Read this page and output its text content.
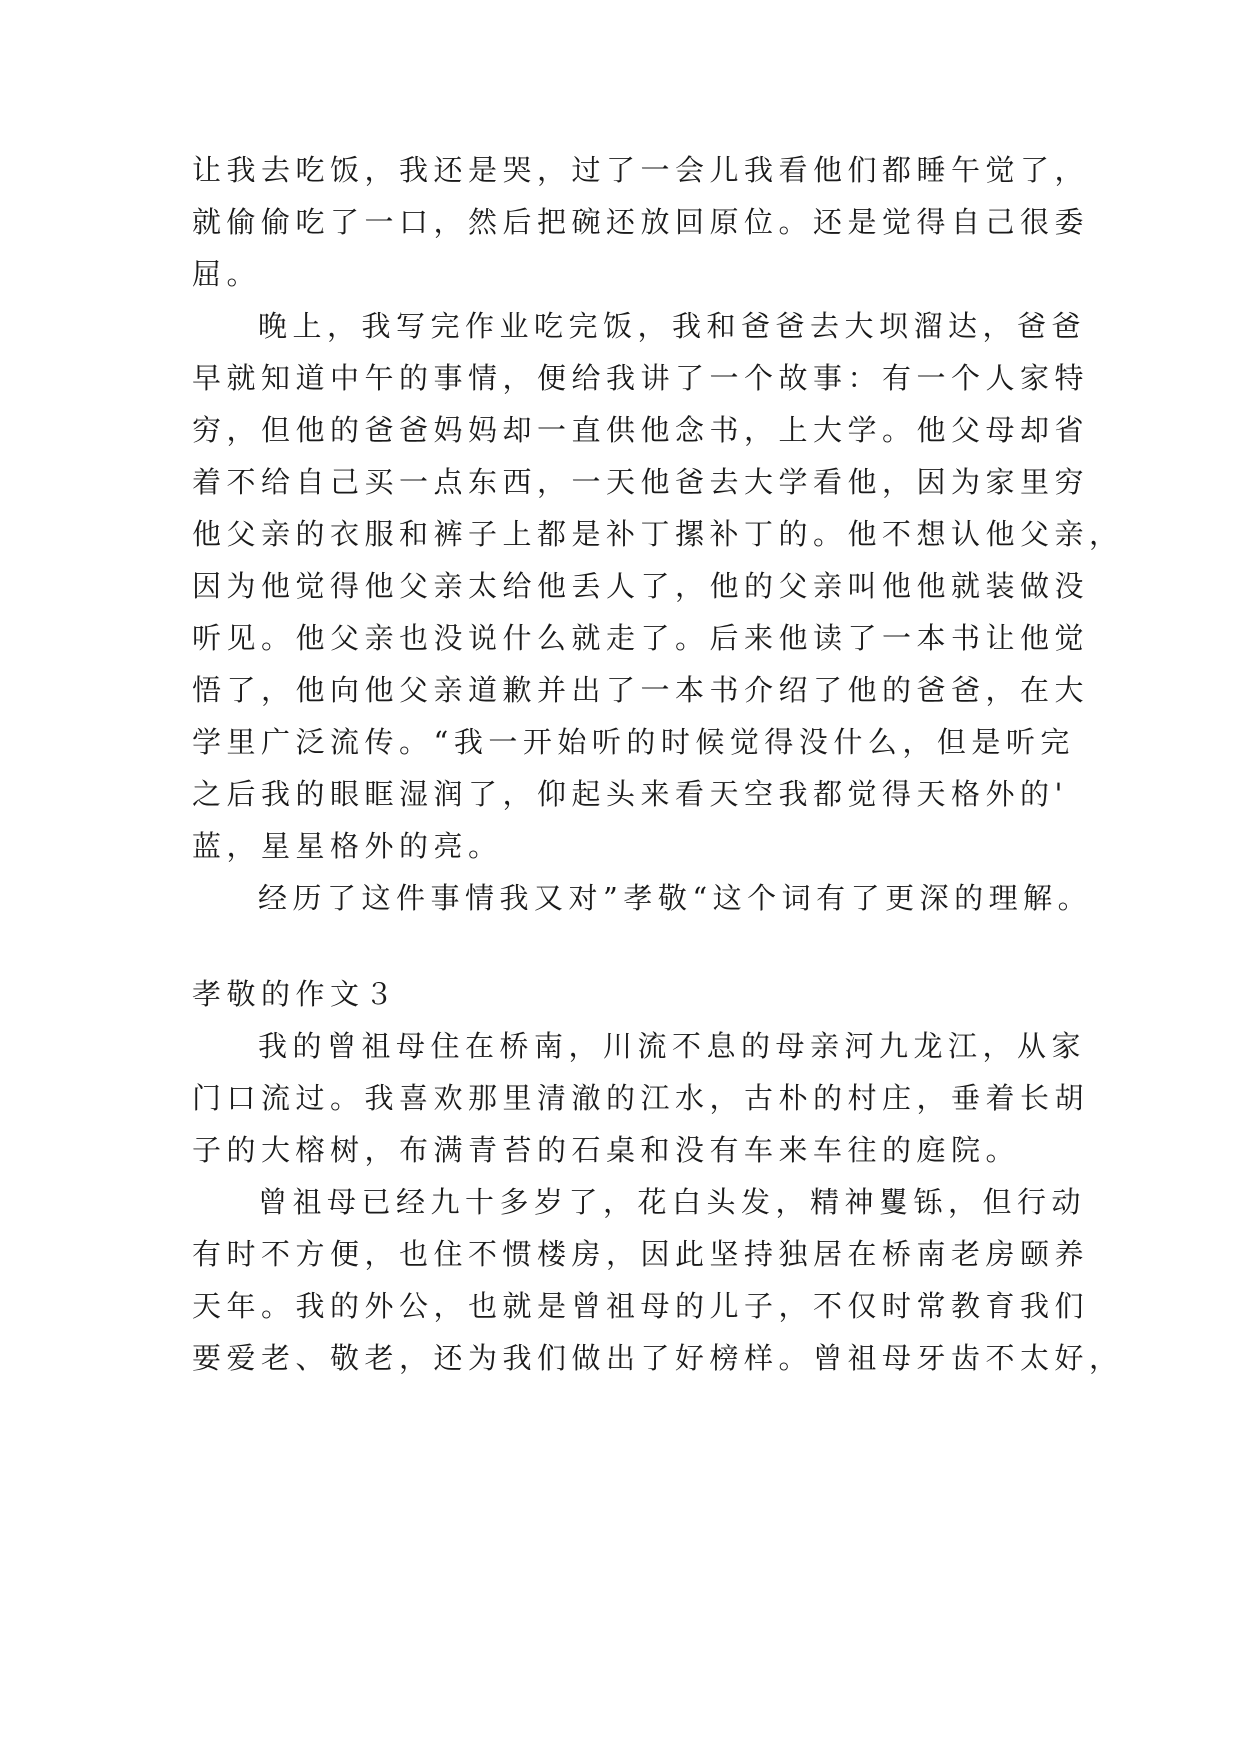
让我去吃饭，我还是哭，过了一会儿我看他们都睡午觉了，
就偷偷吃了一口，然后把碗还放回原位。还是觉得自己很委
屈。
晚上，我写完作业吃完饭，我和爸爸去大坝溜达，爸爸
早就知道中午的事情，便给我讲了一个故事：有一个人家特
穷，但他的爸爸妈妈却一直供他念书，上大学。他父母却省
着不给自己买一点东西，一天他爸去大学看他，因为家里穷
他父亲的衣服和裤子上都是补丁摞补丁的。他不想认他父亲，
因为他觉得他父亲太给他丢人了，他的父亲叫他他就装做没
听见。他父亲也没说什么就走了。后来他读了一本书让他觉
悟了，他向他父亲道歉并出了一本书介绍了他的爸爸，在大
学里广泛流传。“我一开始听的时候觉得没什么，但是听完
之后我的眼眶湿润了，仰起头来看天空我都觉得天格外的'
蓝，星星格外的亮。
经历了这件事情我又对”孝敬“这个词有了更深的理解。
孝敬的作文３
我的曾祖母住在桥南，川流不息的母亲河九龙江，从家
门口流过。我喜欢那里清澈的江水，古朴的村庄，垂着长胡
子的大榕树，布满青苔的石桌和没有车来车往的庭院。
曾祖母已经九十多岁了，花白头发，精神矍铄，但行动
有时不方便，也住不惯楼房，因此坚持独居在桥南老房颐养
天年。我的外公，也就是曾祖母的儿子，不仅时常教育我们
要爱老、敬老，还为我们做出了好榜样。曾祖母牙齿不太好，
